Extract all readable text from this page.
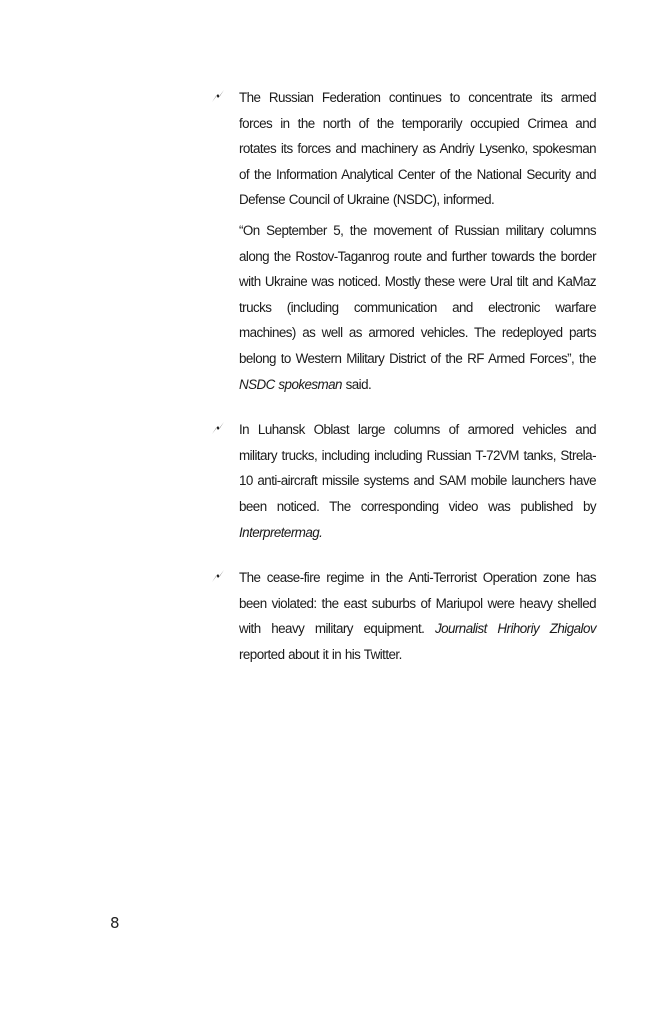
The Russian Federation continues to concentrate its armed forces in the north of the temporarily occupied Crimea and rotates its forces and machinery as Andriy Lysenko, spokesman of the Information Analytical Center of the National Security and Defense Council of Ukraine (NSDC), informed.

“On September 5, the movement of Russian military columns along the Rostov-Taganrog route and further towards the border with Ukraine was noticed. Mostly these were Ural tilt and KaMaz trucks (including communication and electronic warfare machines) as well as armored vehicles. The redeployed parts belong to Western Military District of the RF Armed Forces”, the NSDC spokesman said.

In Luhansk Oblast large columns of armored vehicles and military trucks, including including Russian T-72VM tanks, Strela-10 anti-aircraft missile systems and SAM mobile launchers have been noticed. The corresponding video was published by Interpretermag.

The cease-fire regime in the Anti-Terrorist Operation zone has been violated: the east suburbs of Mariupol were heavy shelled with heavy military equipment. Journalist Hrihoriy Zhigalov reported about it in his Twitter.

8
